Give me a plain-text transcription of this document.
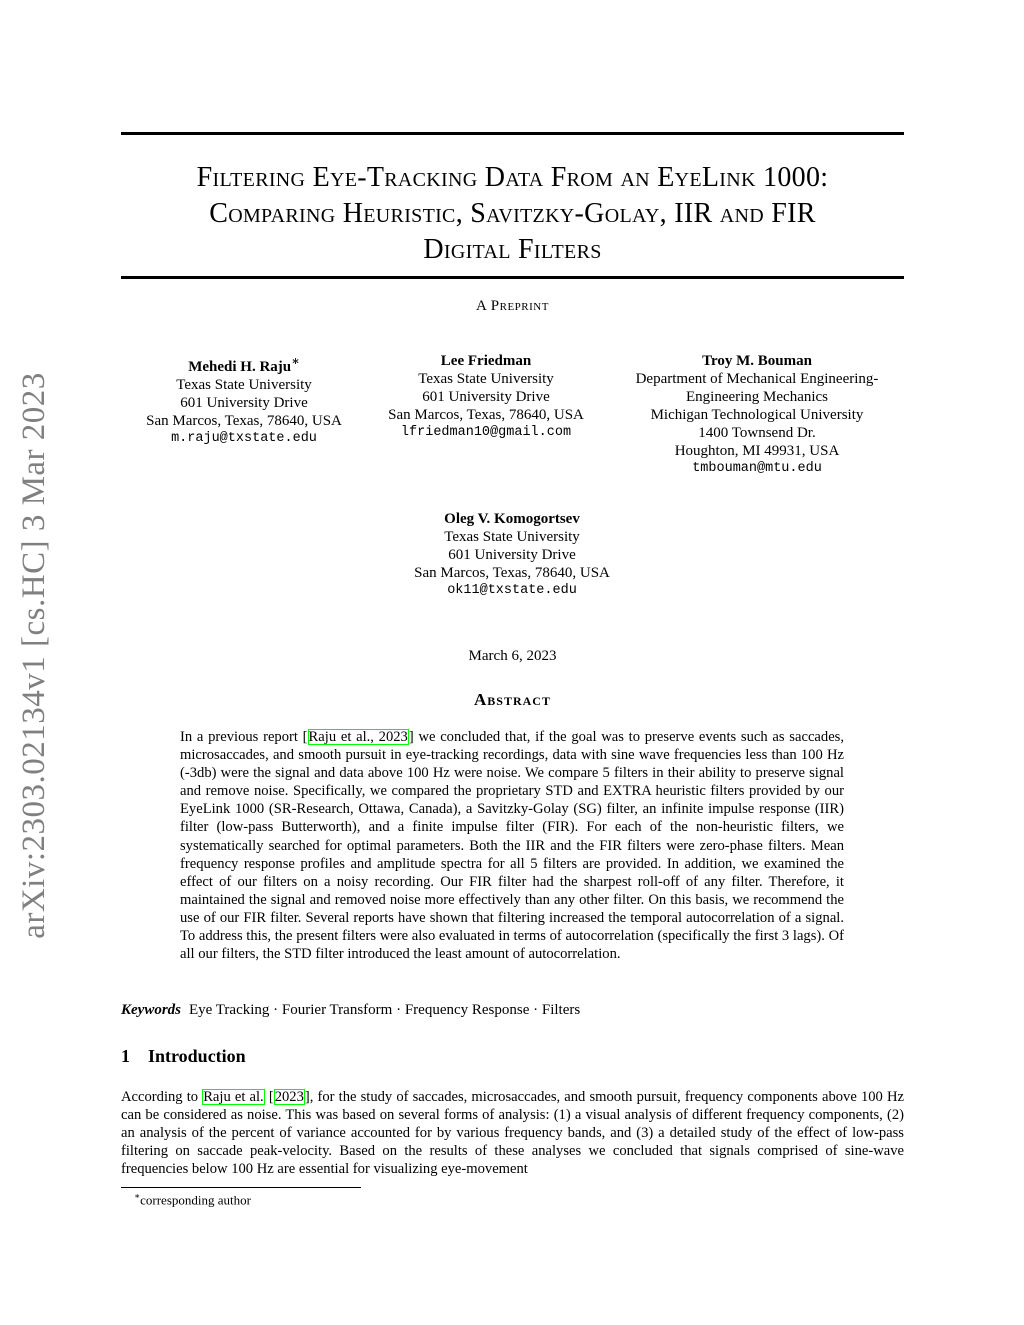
arXiv:2303.02134v1 [cs.HC] 3 Mar 2023
Filtering Eye-Tracking Data From an EyeLink 1000:
Comparing Heuristic, Savitzky-Golay, IIR and FIR
Digital Filters
A Preprint
Mehedi H. Raju∗
Texas State University
601 University Drive
San Marcos, Texas, 78640, USA
m.raju@txstate.edu
Lee Friedman
Texas State University
601 University Drive
San Marcos, Texas, 78640, USA
lfriedman10@gmail.com
Troy M. Bouman
Department of Mechanical Engineering-
Engineering Mechanics
Michigan Technological University
1400 Townsend Dr.
Houghton, MI 49931, USA
tmbouman@mtu.edu
Oleg V. Komogortsev
Texas State University
601 University Drive
San Marcos, Texas, 78640, USA
ok11@txstate.edu
March 6, 2023
Abstract
In a previous report [Raju et al., 2023] we concluded that, if the goal was to preserve events such as saccades, microsaccades, and smooth pursuit in eye-tracking recordings, data with sine wave frequencies less than 100 Hz (-3db) were the signal and data above 100 Hz were noise. We compare 5 filters in their ability to preserve signal and remove noise. Specifically, we compared the proprietary STD and EXTRA heuristic filters provided by our EyeLink 1000 (SR-Research, Ottawa, Canada), a Savitzky-Golay (SG) filter, an infinite impulse response (IIR) filter (low-pass Butterworth), and a finite impulse filter (FIR). For each of the non-heuristic filters, we systematically searched for optimal parameters. Both the IIR and the FIR filters were zero-phase filters. Mean frequency response profiles and amplitude spectra for all 5 filters are provided. In addition, we examined the effect of our filters on a noisy recording. Our FIR filter had the sharpest roll-off of any filter. Therefore, it maintained the signal and removed noise more effectively than any other filter. On this basis, we recommend the use of our FIR filter. Several reports have shown that filtering increased the temporal autocorrelation of a signal. To address this, the present filters were also evaluated in terms of autocorrelation (specifically the first 3 lags). Of all our filters, the STD filter introduced the least amount of autocorrelation.
Keywords Eye Tracking · Fourier Transform · Frequency Response · Filters
1 Introduction
According to Raju et al. [2023], for the study of saccades, microsaccades, and smooth pursuit, frequency components above 100 Hz can be considered as noise. This was based on several forms of analysis: (1) a visual analysis of different frequency components, (2) an analysis of the percent of variance accounted for by various frequency bands, and (3) a detailed study of the effect of low-pass filtering on saccade peak-velocity. Based on the results of these analyses we concluded that signals comprised of sine-wave frequencies below 100 Hz are essential for visualizing eye-movement
∗corresponding author
